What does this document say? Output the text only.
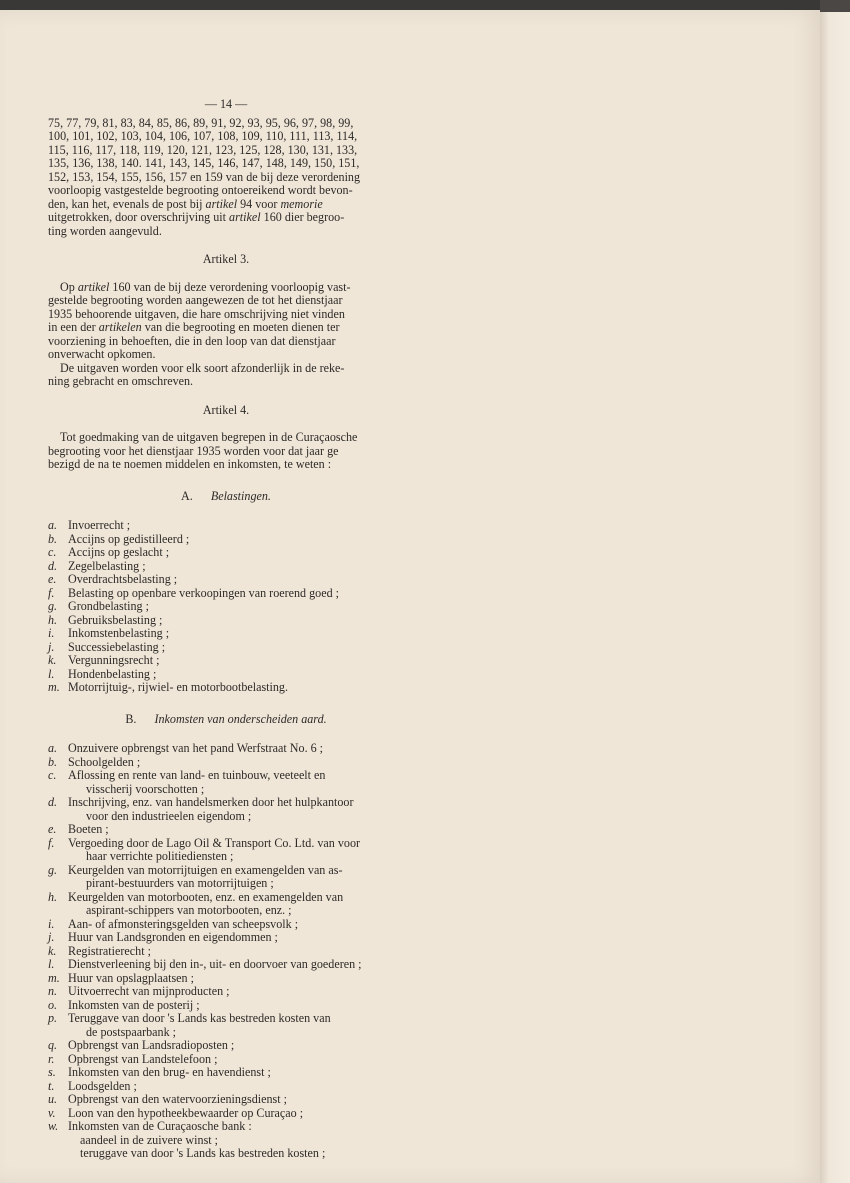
— 14 —
75, 77, 79, 81, 83, 84, 85, 86, 89, 91, 92, 93, 95, 96, 97, 98, 99,
100, 101, 102, 103, 104, 106, 107, 108, 109, 110, 111, 113, 114,
115, 116, 117, 118, 119, 120, 121, 123, 125, 128, 130, 131, 133,
135, 136, 138, 140. 141, 143, 145, 146, 147, 148, 149, 150, 151,
152, 153, 154, 155, 156, 157 en 159 van de bij deze verordening
voorloopig vastgestelde begrooting ontoereikend wordt bevon-
den, kan het, evenals de post bij artikel 94 voor memorie
uitgetrokken, door overschrijving uit artikel 160 dier begroo-
ting worden aangevuld.
Artikel 3.
Op artikel 160 van de bij deze verordening voorloopig vast-
gestelde begrooting worden aangewezen de tot het dienstjaar
1935 behoorende uitgaven, die hare omschrijving niet vinden
in een der artikelen van die begrooting en moeten dienen ter
voorziening in behoeften, die in den loop van dat dienstjaar
onverwacht opkomen.
De uitgaven worden voor elk soort afzonderlijk in de reke-
ning gebracht en omschreven.
Artikel 4.
Tot goedmaking van de uitgaven begrepen in de Curaçaosche
begrooting voor het dienstjaar 1935 worden voor dat jaar ge
bezigd de na te noemen middelen en inkomsten, te weten :
A. Belastingen.
a. Invoerrecht ;
b. Accijns op gedistilleerd ;
c. Accijns op geslacht ;
d. Zegelbelasting ;
e. Overdrachtsbelasting ;
f. Belasting op openbare verkoopingen van roerend goed ;
g. Grondbelasting ;
h. Gebruiksbelasting ;
i. Inkomstenbelasting ;
j. Successiebelasting ;
k. Vergunningsrecht ;
l. Hondenbelasting ;
m. Motorrijtuig-, rijwiel- en motorbootbelasting.
B. Inkomsten van onderscheiden aard.
a. Onzuivere opbrengst van het pand Werfstraat No. 6 ;
b. Schoolgelden ;
c. Aflossing en rente van land- en tuinbouw, veeteelt en
visscherij voorschotten ;
d. Inschrijving, enz. van handelsmerken door het hulpkantoor
voor den industrieelen eigendom ;
e. Boeten ;
f. Vergoeding door de Lago Oil & Transport Co. Ltd. van voor
haar verrichte politiediensten ;
g. Keurgelden van motorrijtuigen en examengelden van as-
pirant-bestuurders van motorrijtuigen ;
h. Keurgelden van motorbooten, enz. en examengelden van
aspirant-schippers van motorbooten, enz. ;
i. Aan- of afmonsteringsgelden van scheepsvolk ;
j. Huur van Landsgronden en eigendommen ;
k. Registratierecht ;
l. Dienstverleening bij den in-, uit- en doorvoer van goederen ;
m. Huur van opslagplaatsen ;
n. Uitvoerrecht van mijnproducten ;
o. Inkomsten van de posterij ;
p. Teruggave van door 's Lands kas bestreden kosten van
de postspaarbank ;
q. Opbrengst van Landsradioposten ;
r. Opbrengst van Landstelefoon ;
s. Inkomsten van den brug- en havendienst ;
t. Loodsgelden ;
u. Opbrengst van den watervoorzieningsdienst ;
v. Loon van den hypotheekbewaarder op Curaçao ;
w. Inkomsten van de Curaçaosche bank :
aandeel in de zuivere winst ;
teruggave van door 's Lands kas bestreden kosten ;
